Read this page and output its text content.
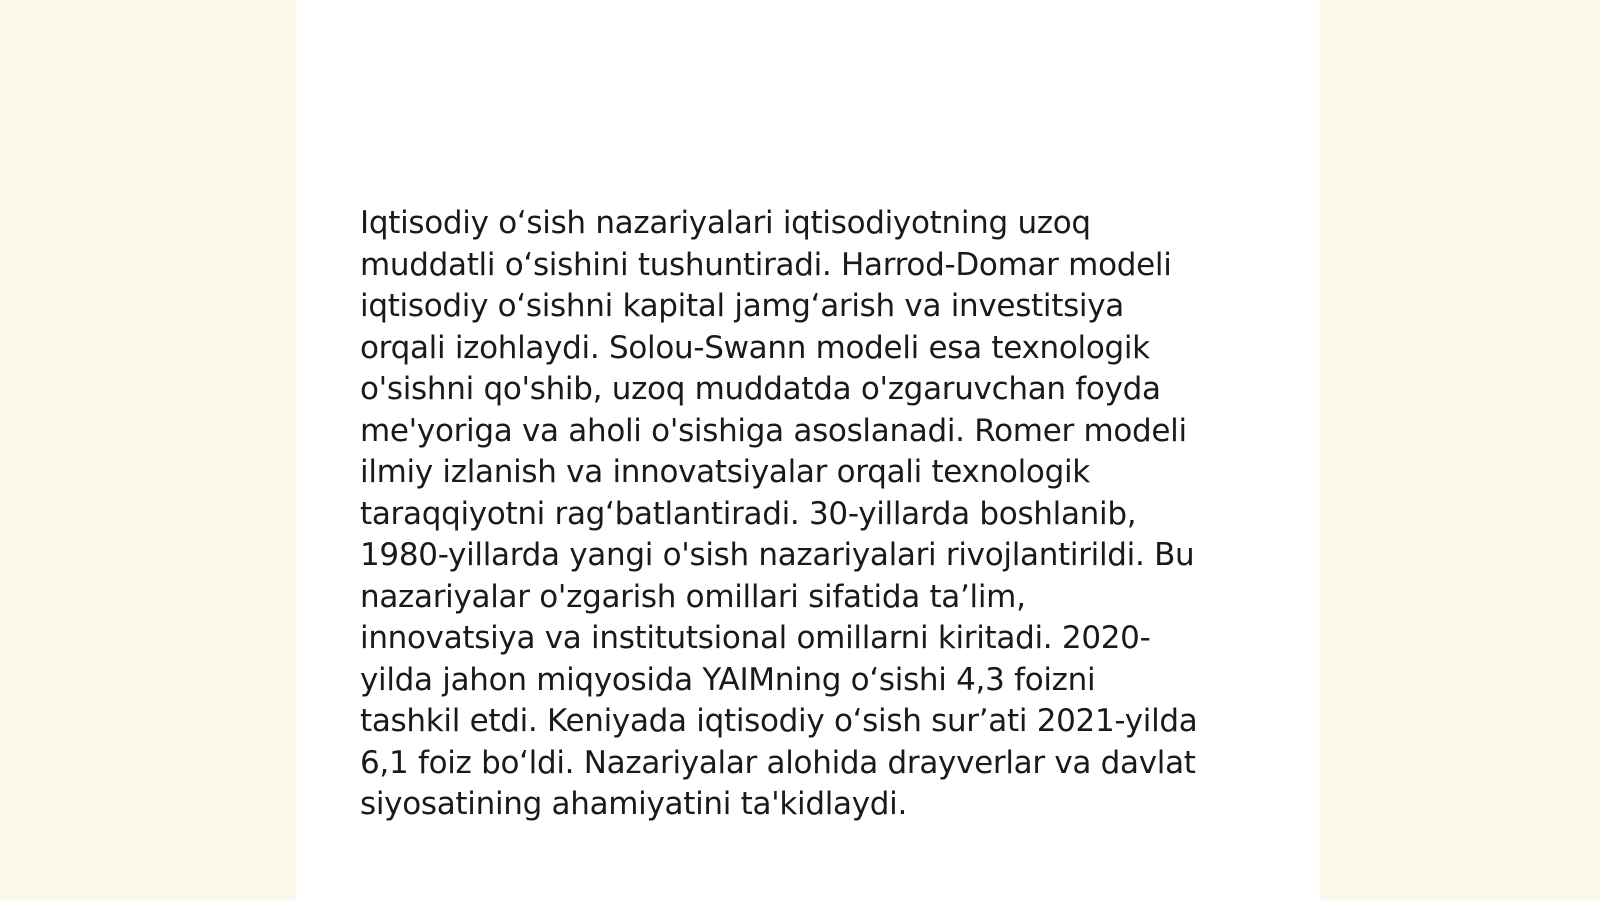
Iqtisodiy o‘sish nazariyalari iqtisodiyotning uzoq
muddatli o‘sishini tushuntiradi. Harrod-Domar modeli
iqtisodiy o‘sishni kapital jamg‘arish va investitsiya
orqali izohlaydi. Solou-Swann modeli esa texnologik
o'sishni qo'shib, uzoq muddatda o'zgaruvchan foyda
me'yoriga va aholi o'sishiga asoslanadi. Romer modeli
ilmiy izlanish va innovatsiyalar orqali texnologik
taraqqiyotni rag‘batlantiradi. 30-yillarda boshlanib,
1980-yillarda yangi o'sish nazariyalari rivojlantirildi. Bu
nazariyalar o'zgarish omillari sifatida ta’lim,
innovatsiya va institutsional omillarni kiritadi. 2020-
yilda jahon miqyosida YAIMning o‘sishi 4,3 foizni
tashkil etdi. Keniyada iqtisodiy o‘sish sur’ati 2021-yilda
6,1 foiz bo‘ldi. Nazariyalar alohida drayverlar va davlat
siyosatining ahamiyatini ta'kidlaydi.
